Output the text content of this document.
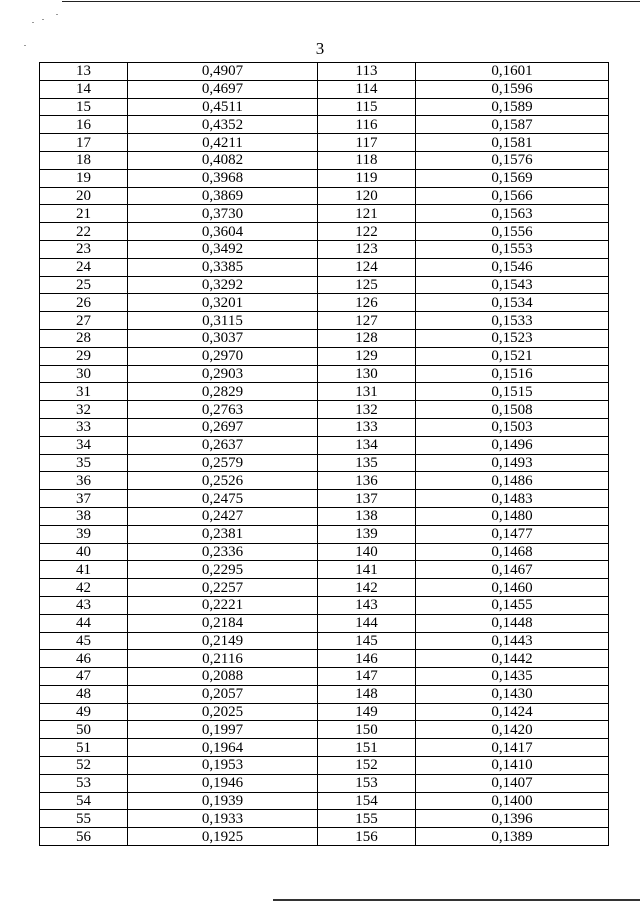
3
13	0,4907	113	0,1601
14	0,4697	114	0,1596
15	0,4511	115	0,1589
16	0,4352	116	0,1587
17	0,4211	117	0,1581
18	0,4082	118	0,1576
19	0,3968	119	0,1569
20	0,3869	120	0,1566
21	0,3730	121	0,1563
22	0,3604	122	0,1556
23	0,3492	123	0,1553
24	0,3385	124	0,1546
25	0,3292	125	0,1543
26	0,3201	126	0,1534
27	0,3115	127	0,1533
28	0,3037	128	0,1523
29	0,2970	129	0,1521
30	0,2903	130	0,1516
31	0,2829	131	0,1515
32	0,2763	132	0,1508
33	0,2697	133	0,1503
34	0,2637	134	0,1496
35	0,2579	135	0,1493
36	0,2526	136	0,1486
37	0,2475	137	0,1483
38	0,2427	138	0,1480
39	0,2381	139	0,1477
40	0,2336	140	0,1468
41	0,2295	141	0,1467
42	0,2257	142	0,1460
43	0,2221	143	0,1455
44	0,2184	144	0,1448
45	0,2149	145	0,1443
46	0,2116	146	0,1442
47	0,2088	147	0,1435
48	0,2057	148	0,1430
49	0,2025	149	0,1424
50	0,1997	150	0,1420
51	0,1964	151	0,1417
52	0,1953	152	0,1410
53	0,1946	153	0,1407
54	0,1939	154	0,1400
55	0,1933	155	0,1396
56	0,1925	156	0,1389
